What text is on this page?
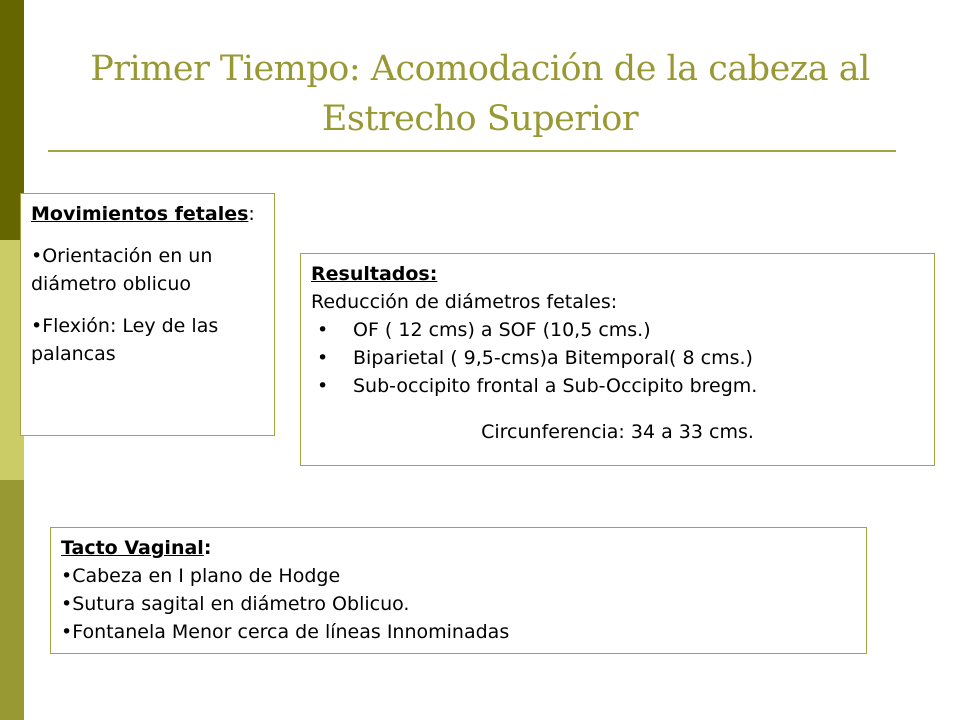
Primer Tiempo: Acomodación de la cabeza al Estrecho Superior
Movimientos fetales:
•Orientación en un diámetro oblicuo
•Flexión: Ley de las palancas
Resultados:
Reducción de diámetros fetales:
• OF ( 12 cms) a SOF (10,5 cms.)
• Biparietal ( 9,5-cms)a Bitemporal( 8 cms.)
• Sub-occipito frontal a Sub-Occipito bregm.
Circunferencia: 34 a 33 cms.
Tacto Vaginal:
•Cabeza en I plano de Hodge
•Sutura sagital en diámetro Oblicuo.
•Fontanela Menor cerca de líneas Innominadas
